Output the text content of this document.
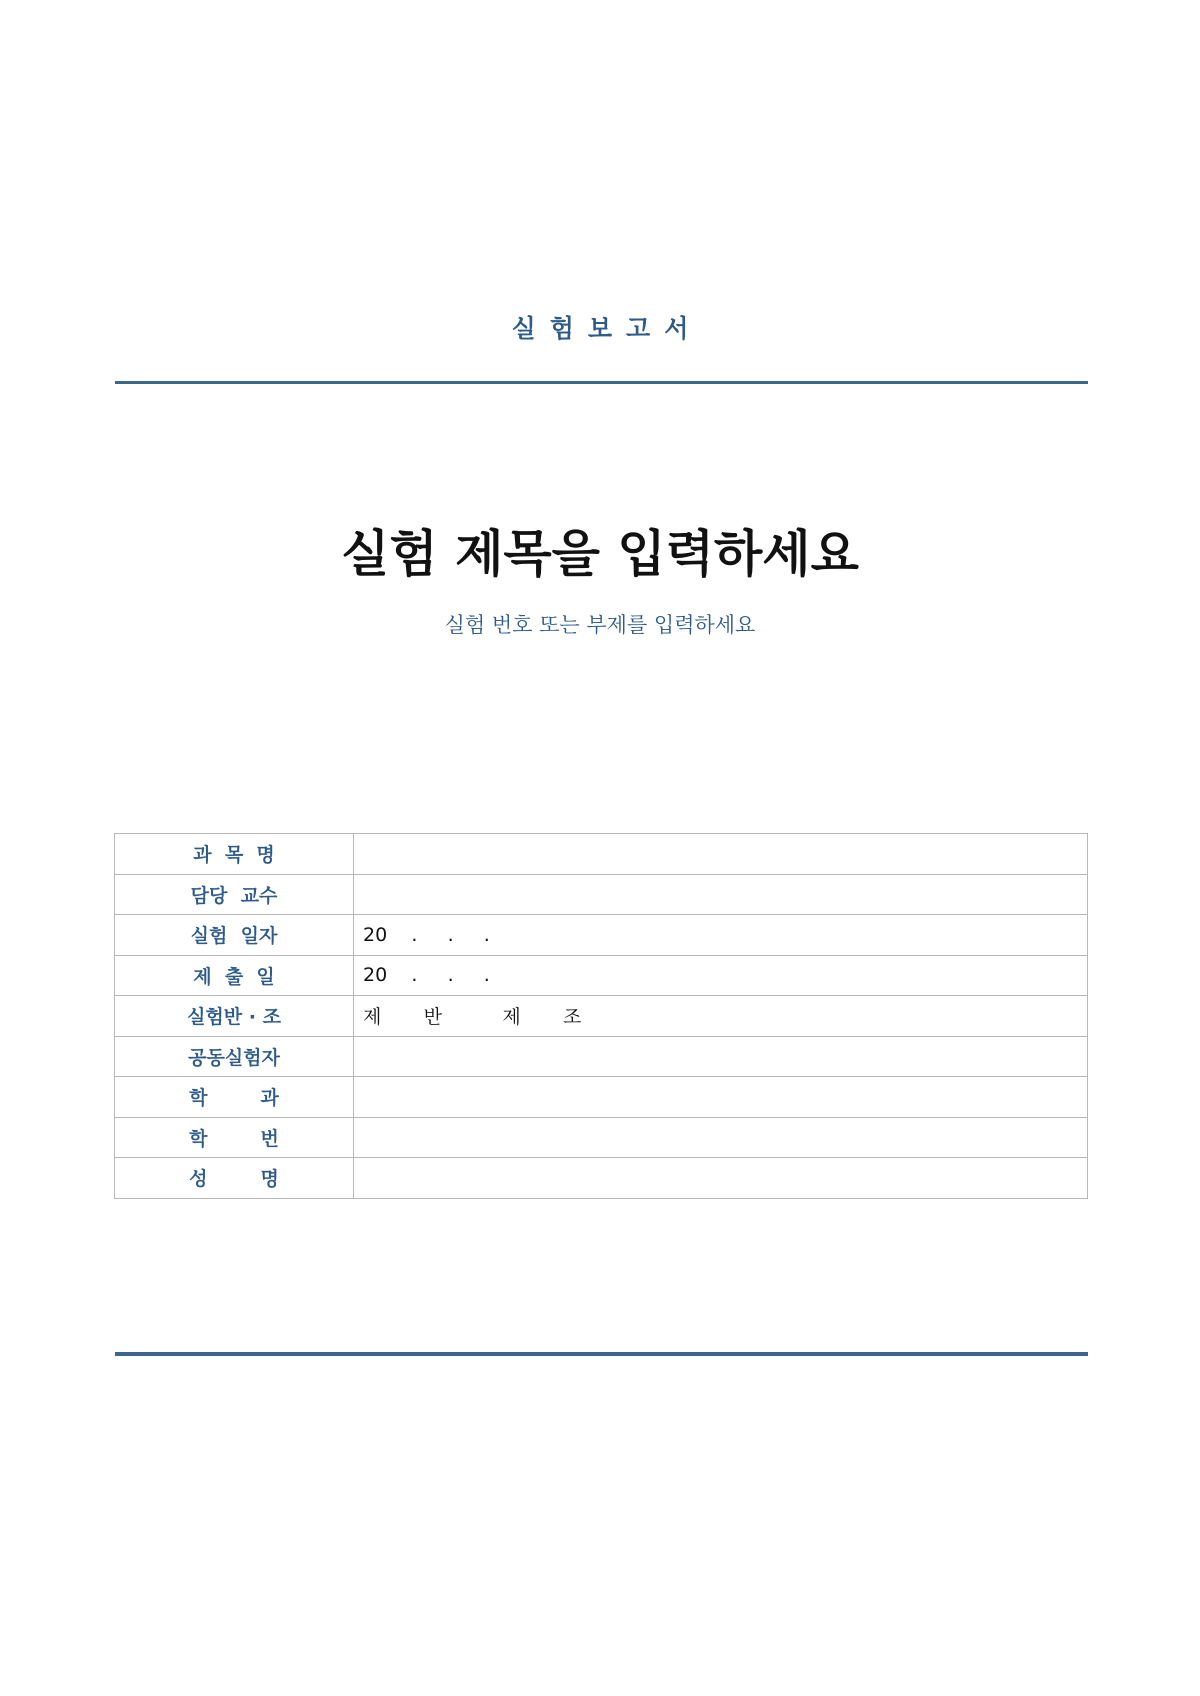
실험보고서
실험 제목을 입력하세요
실험 번호 또는 부제를 입력하세요
과  목  명	
담당  교수	
실험  일자	20    .     .     .
제  출  일	20    .     .     .
실험반 · 조	제       반          제       조
공동실험자	
학        과	
학        번	
성        명	
